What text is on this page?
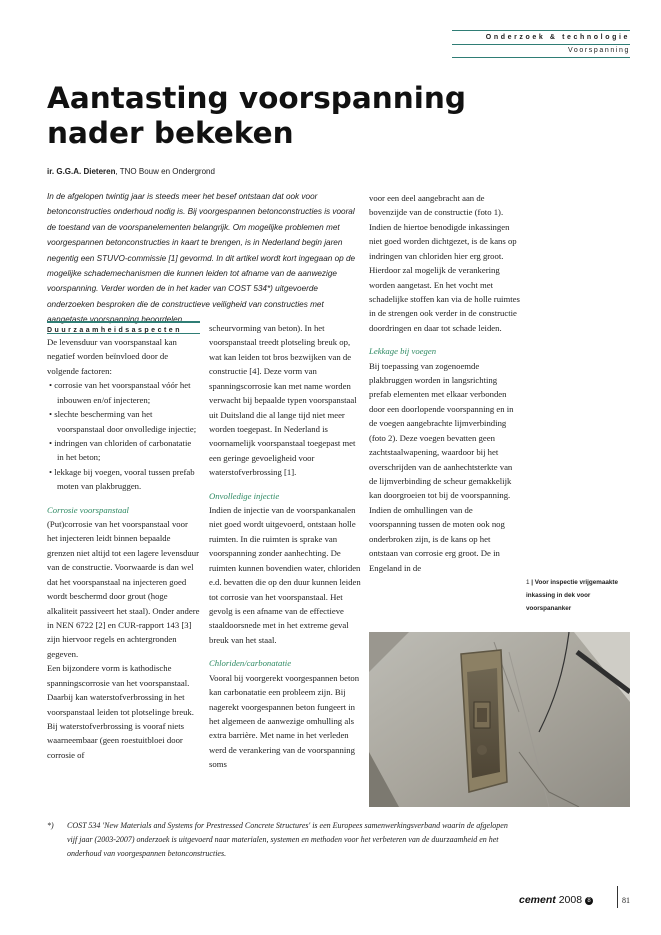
Onderzoek & technologie
Voorspanning
Aantasting voorspanning
nader bekeken
ir. G.G.A. Dieteren, TNO Bouw en Ondergrond

In de afgelopen twintig jaar is steeds meer het besef ontstaan dat ook voor betonconstructies onderhoud nodig is. Bij voorgespannen betonconstructies is vooral de toestand van de voorspanelementen belangrijk. Om mogelijke problemen met voorgespannen betonconstructies in kaart te brengen, is in Nederland begin jaren negentig een STUVO-commissie [1] gevormd. In dit artikel wordt kort ingegaan op de mogelijke schademechanismen die kunnen leiden tot afname van de aanwezige voorspanning. Verder worden de in het kader van COST 534*) uitgevoerde onderzoeken besproken die de constructieve veiligheid van constructies met aangetaste voorspanning beoordelen.

Duurzaamheidsaspecten

De levensduur van voorspanstaal kan negatief worden beïnvloed door de volgende factoren:

• corrosie van het voorspanstaal vóór het inbouwen en/of injecteren;
• slechte bescherming van het voorspanstaal door onvolledige injectie;
• indringen van chloriden of carbonatatie in het beton;
• lekkage bij voegen, vooral tussen prefab moten van plakbruggen.
Corrosie voorspanstaal

(Put)corrosie van het voorspanstaal voor het injecteren leidt binnen bepaalde grenzen niet altijd tot een lagere levensduur van de constructie. Voorwaarde is dan wel dat het voorspanstaal na injecteren goed wordt beschermd door grout (hoge alkaliteit passiveert het staal). Onder andere in NEN 6722 [2] en CUR-rapport 143 [3] zijn hiervoor regels en achtergronden gegeven.

Een bijzondere vorm is kathodische spanningscorrosie van het voorspanstaal. Daarbij kan waterstofverbrossing in het voorspanstaal leiden tot plotselinge breuk. Bij waterstofverbrossing is vooraf niets waarneembaar (geen roestuitbloei door corrosie of

scheurvorming van beton). In het voorspanstaal treedt plotseling breuk op, wat kan leiden tot bros bezwijken van de constructie [4]. Deze vorm van spanningscorrosie kan met name worden verwacht bij bepaalde typen voorspanstaal uit Duitsland die al lange tijd niet meer worden toegepast. In Nederland is voornamelijk voorspanstaal toegepast met een geringe gevoeligheid voor waterstofverbrossing [1].

Onvolledige injectie

Indien de injectie van de voorspankanalen niet goed wordt uitgevoerd, ontstaan holle ruimten. In die ruimten is sprake van voorspanning zonder aanhechting. De ruimten kunnen bovendien water, chloriden e.d. bevatten die op den duur kunnen leiden tot corrosie van het voorspanstaal. Het gevolg is een afname van de effectieve staaldoorsnede met in het extreme geval breuk van het staal.

Chloriden/carbonatatie

Vooral bij voorgerekt voorgespannen beton kan carbonatatie een probleem zijn. Bij nagerekt voorgespannen beton fungeert in het algemeen de aanwezige omhulling als extra barrière. Met name in het verleden werd de verankering van de voorspanning soms

voor een deel aangebracht aan de bovenzijde van de constructie (foto 1). Indien de hiertoe benodigde inkassingen niet goed worden dichtgezet, is de kans op indringen van chloriden hier erg groot. Hierdoor zal mogelijk de verankering worden aangetast. En het vocht met schadelijke stoffen kan via de holle ruimtes in de strengen ook verder in de constructie doordringen en daar tot schade leiden.

Lekkage bij voegen

Bij toepassing van zogenoemde plakbruggen worden in langsrichting prefab elementen met elkaar verbonden door een doorlopende voorspanning en in de voegen aangebrachte lijmverbinding (foto 2). Deze voegen bevatten geen zachtstaalwapening, waardoor bij het overschrijden van de aanhechtsterkte van de lijmverbinding de scheur gemakkelijk kan doorgroeien tot bij de voorspanning. Indien de omhullingen van de voorspanning tussen de moten ook nog onderbroken zijn, is de kans op het ontstaan van corrosie erg groot. De in Engeland in de

1 | Voor inspectie vrijgemaakte inkassing in dek voor voorspananker
*) COST 534 'New Materials and Systems for Prestressed Concrete Structures' is een Europees samenwerkingsverband waarin de afgelopen vijf jaar (2003-2007) onderzoek is uitgevoerd naar materialen, systemen en methoden voor het verbeteren van de duurzaamheid en het onderhoud van voorgespannen betonconstructies.

cement 2008 8	81
